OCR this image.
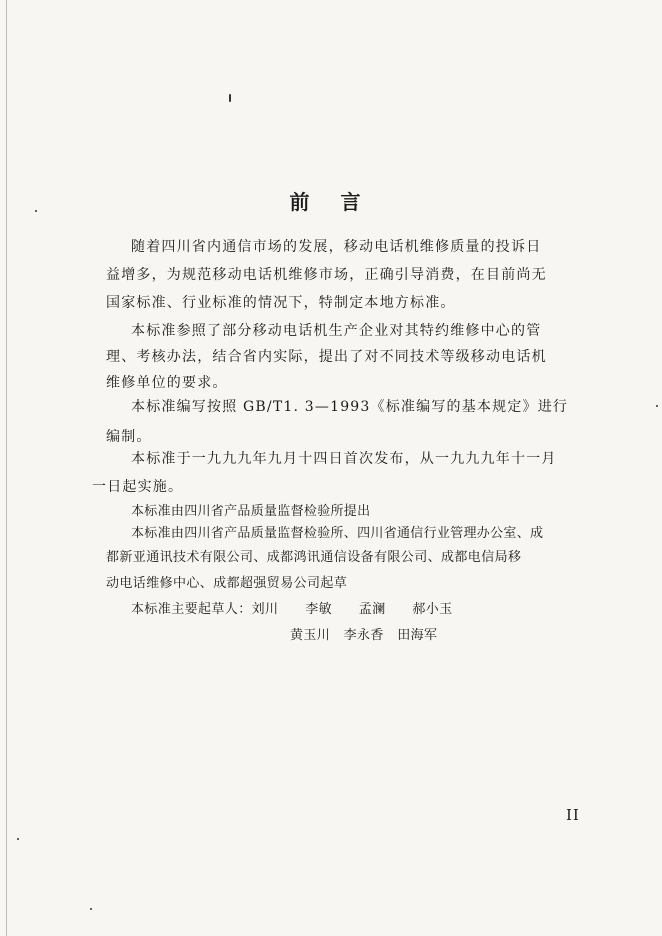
前 言
随着四川省内通信市场的发展，移动电话机维修质量的投诉日
益增多，为规范移动电话机维修市场，正确引导消费，在目前尚无
国家标准、行业标准的情况下，特制定本地方标准。
本标准参照了部分移动电话机生产企业对其特约维修中心的管
理、考核办法，结合省内实际，提出了对不同技术等级移动电话机
维修单位的要求。
本标准编写按照 GB/T1. 3—1993《标准编写的基本规定》进行
编制。
本标准于一九九九年九月十四日首次发布，从一九九九年十一月
一日起实施。
本标准由四川省产品质量监督检验所提出
本标准由四川省产品质量监督检验所、四川省通信行业管理办公室、成
都新亚通讯技术有限公司、成都鸿讯通信设备有限公司、成都电信局移
动电话维修中心、成都超强贸易公司起草
本标准主要起草人：刘川　　李敏　　孟澜　　郝小玉
黄玉川　李永香　田海军
II
